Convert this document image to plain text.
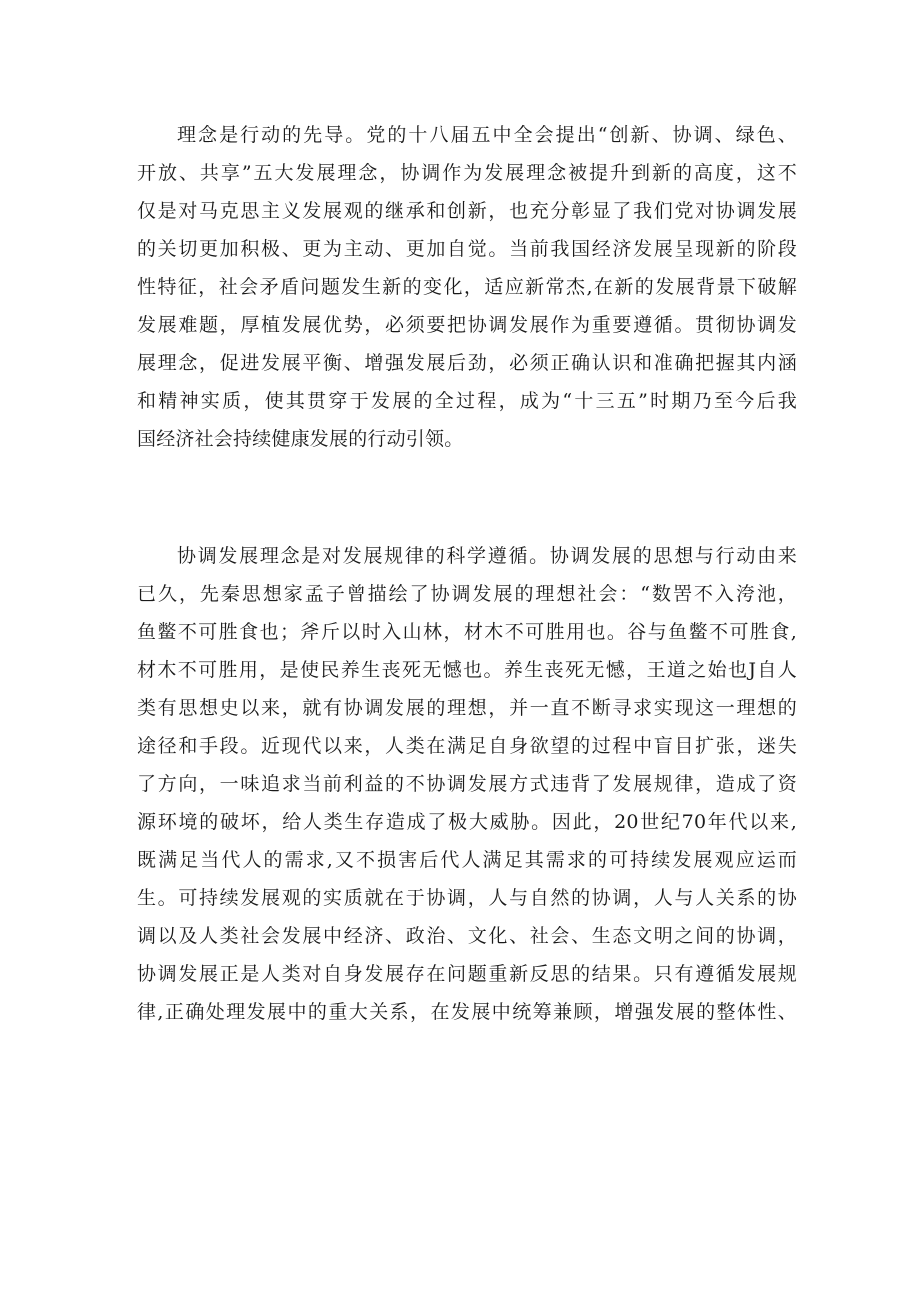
理念是行动的先导。党的十八届五中全会提出“创新、协调、绿色、
开放、共享”五大发展理念，协调作为发展理念被提升到新的高度，这不
仅是对马克思主义发展观的继承和创新，也充分彰显了我们党对协调发展
的关切更加积极、更为主动、更加自觉。当前我国经济发展呈现新的阶段
性特征，社会矛盾问题发生新的变化，适应新常杰,在新的发展背景下破解
发展难题，厚植发展优势，必须要把协调发展作为重要遵循。贯彻协调发
展理念，促进发展平衡、增强发展后劲，必须正确认识和准确把握其内涵
和精神实质，使其贯穿于发展的全过程，成为“十三五”时期乃至今后我
国经济社会持续健康发展的行动引领。
协调发展理念是对发展规律的科学遵循。协调发展的思想与行动由来
已久，先秦思想家孟子曾描绘了协调发展的理想社会：“数罟不入洿池，
鱼鳖不可胜食也；斧斤以时入山林，材木不可胜用也。谷与鱼鳖不可胜食,
材木不可胜用，是使民养生丧死无憾也。养生丧死无憾，王道之始也J自人
类有思想史以来，就有协调发展的理想，并一直不断寻求实现这一理想的
途径和手段。近现代以来，人类在满足自身欲望的过程中盲目扩张，迷失
了方向，一味追求当前利益的不协调发展方式违背了发展规律，造成了资
源环境的破坏，给人类生存造成了极大威胁。因此，20世纪70年代以来,
既满足当代人的需求,又不损害后代人满足其需求的可持续发展观应运而
生。可持续发展观的实质就在于协调，人与自然的协调，人与人关系的协
调以及人类社会发展中经济、政治、文化、社会、生态文明之间的协调，
协调发展正是人类对自身发展存在问题重新反思的结果。只有遵循发展规
律,正确处理发展中的重大关系，在发展中统筹兼顾，增强发展的整体性、
